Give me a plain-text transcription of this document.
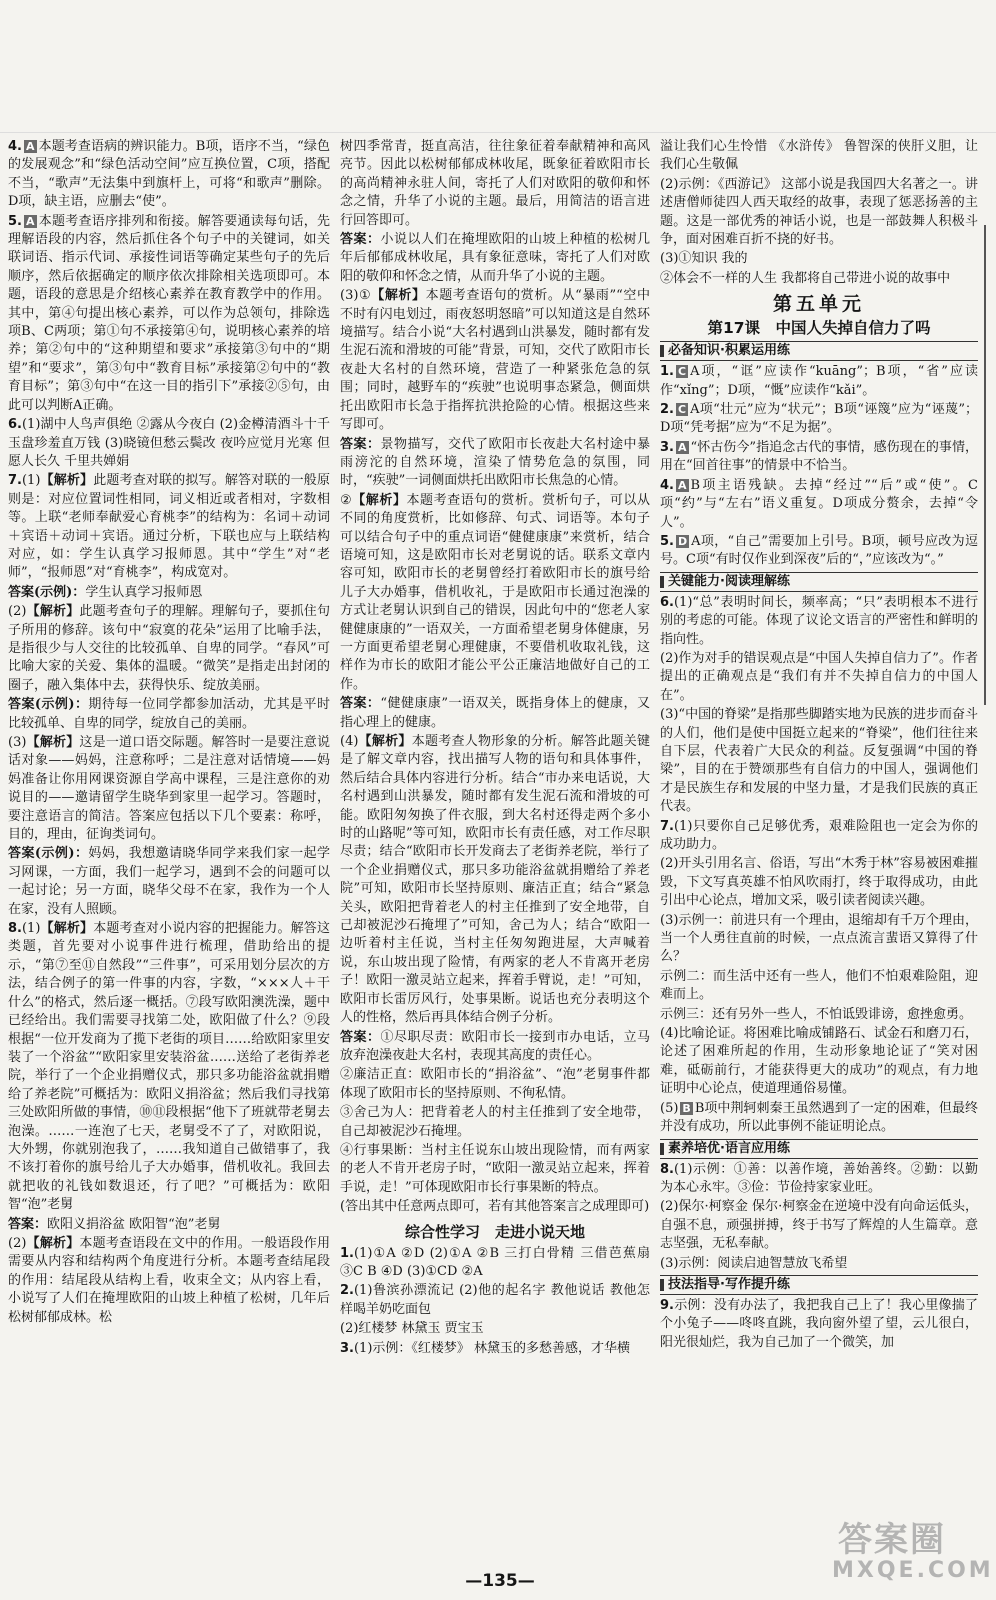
4. A 本题考查语病的辨识能力。B项，语序不当，“绿色的发展观念”和“绿色活动空间”应互换位置，C项，搭配不当，“歌声”无法集中到旗杆上，可将“和歌声”删除。D项，缺主语，应删去“使”。
5. A 本题考查语序排列和衔接。解答要通读每句话，先理解语段的内容，然后抓住各个句子中的关键词，如关联词语、指示代词、承接性词语等确定某些句子的先后顺序，然后依据确定的顺序依次排除相关选项即可。本题，语段的意思是介绍核心素养在教育教学中的作用。其中，第④句提出核心素养，可以作为总领句，排除选项B、C两项；第①句不承接第④句，说明核心素养的培养；第②句中的“这种期望和要求”承接第③句中的“期望”和“要求”，第③句中“教育目标”承接第②句中的“教育目标”；第③句中“在这一目的指引下”承接②⑤句，由此可以判断A正确。
6.(1)湖中人鸟声俱绝 ②露从今夜白 (2)金樽清酒斗十千 玉盘珍羞直万钱 (3)晓镜但愁云鬓改 夜吟应觉月光寒 但愿人长久 千里共婵娟
7.(1)【解析】此题考查对联的拟写。解答对联的一般原则是：对应位置词性相同，词义相近或者相对，字数相等。上联“老师奉献爱心育桃李”的结构为：名词＋动词＋宾语＋动词＋宾语。通过分析，下联也应与上联结构对应，如：学生认真学习报师恩。其中“学生”对“老师”，“报师恩”对“育桃李”，构成宽对。
答案(示例)：学生认真学习报师恩
(2)【解析】此题考查句子的理解。理解句子，要抓住句子所用的修辞。该句中“寂寞的花朵”运用了比喻手法，是指很少与人交往的比较孤单、自卑的同学。“春风”可比喻大家的关爱、集体的温暖。“微笑”是指走出封闭的圈子，融入集体中去，获得快乐、绽放美丽。
答案(示例)：期待每一位同学都参加活动，尤其是平时比较孤单、自卑的同学，绽放自己的美丽。
(3)【解析】这是一道口语交际题。解答时一是要注意说话对象——妈妈，注意称呼；二是注意对话情境——妈妈准备让你用网课资源自学高中课程，三是注意你的劝说目的——邀请留学生晓华到家里一起学习。答题时，要注意语言的简洁。答案应包括以下几个要素：称呼，目的，理由，征询类词句。
答案(示例)：妈妈，我想邀请晓华同学来我们家一起学习网课，一方面，我们一起学习，遇到不会的问题可以一起讨论；另一方面，晓华父母不在家，我作为一个人在家，没有人照顾。
8.(1)【解析】本题考查对小说内容的把握能力。解答这类题，首先要对小说事件进行梳理，借助给出的提示，“第⑦至⑪自然段”“三件事”，可采用划分层次的方法，结合例子的第一件事的内容，字数，“×××人＋干什么”的格式，然后逐一概括。⑦段写欧阳澳洗澡，题中已经给出。我们需要寻找第二处，欧阳做了什么？⑨段根据“一位开发商为了揽下老街的项目……给欧阳家里安装了一个浴盆”“欧阳家里安装浴盆……送给了老街养老院，举行了一个企业捐赠仪式，那只多功能浴盆就捐赠给了养老院”可概括为：欧阳义捐浴盆；然后我们寻找第三处欧阳所做的事情，⑩⑪段根据“他下了班就带老舅去泡澡。……一连泡了七天，老舅受不了了，对欧阳说，大外甥，你就别泡我了，……我知道自己做错事了，我不该打着你的旗号给儿子大办婚事，借机收礼。我回去就把收的礼钱如数退还，行了吧？”可概括为：欧阳智“泡”老舅
答案：欧阳义捐浴盆 欧阳智“泡”老舅
(2)【解析】本题考查语段在文中的作用。一般语段作用需要从内容和结构两个角度进行分析。本题考查结尾段的作用：结尾段从结构上看，收束全文；从内容上看，小说写了人们在掩埋欧阳的山坡上种植了松树，几年后松树郁郁成林。松
树四季常青，挺直高洁，往往象征着奉献精神和高风亮节。因此以松树郁郁成林收尾，既象征着欧阳市长的高尚精神永驻人间，寄托了人们对欧阳的敬仰和怀念之情，升华了小说的主题。最后，用简洁的语言进行回答即可。
答案：小说以人们在掩埋欧阳的山坡上种植的松树几年后郁郁成林收尾，具有象征意味，寄托了人们对欧阳的敬仰和怀念之情，从而升华了小说的主题。
(3)①【解析】本题考查语句的赏析。从“暴雨”“空中不时有闪电划过，雨夜怒明怒暗”可以知道这是自然环境描写。结合小说“大名村遇到山洪暴发，随时都有发生泥石流和滑坡的可能”背景，可知，交代了欧阳市长夜赴大名村的自然环境，营造了一种紧张危急的氛围；同时，越野车的“疾驶”也说明事态紧急，侧面烘托出欧阳市长急于指挥抗洪抢险的心情。根据这些来写即可。
答案：景物描写，交代了欧阳市长夜赴大名村途中暴雨滂沱的自然环境，渲染了情势危急的氛围，同时，“疾驶”一词侧面烘托出欧阳市长焦急的心情。
②【解析】本题考查语句的赏析。赏析句子，可以从不同的角度赏析，比如修辞、句式、词语等。本句子可以结合句子中的重点词语“健健康康”来赏析，结合语境可知，这是欧阳市长对老舅说的话。联系文章内容可知，欧阳市长的老舅曾经打着欧阳市长的旗号给儿子大办婚事，借机收礼，于是欧阳市长通过泡澡的方式让老舅认识到自己的错误，因此句中的“您老人家健健康康的”一语双关，一方面希望老舅身体健康，另一方面更希望老舅心理健康，不要借机收取礼钱，这样作为市长的欧阳才能公平公正廉洁地做好自己的工作。
答案：“健健康康”一语双关，既指身体上的健康，又指心理上的健康。
(4)【解析】本题考查人物形象的分析。解答此题关键是了解文章内容，找出描写人物的语句和具体事件，然后结合具体内容进行分析。结合“市办来电话说，大名村遇到山洪暴发，随时都有发生泥石流和滑坡的可能。欧阳匆匆换了件衣服，到大名村还得走两个多小时的山路呢”等可知，欧阳市长有责任感，对工作尽职尽责；结合“欧阳市长开发商去了老街养老院，举行了一个企业捐赠仪式，那只多功能浴盆就捐赠给了养老院”可知，欧阳市长坚持原则、廉洁正直；结合“紧急关头，欧阳把背着老人的村主任推到了安全地带，自己却被泥沙石掩埋了”可知，舍己为人；结合“欧阳一边听着村主任说，当村主任匆匆跑进屋，大声喊着说，东山坡出现了险情，有两家的老人不肯离开老房子！欧阳一激灵站立起来，挥着手臂说，走！”可知，欧阳市长雷厉风行，处事果断。说话也充分表明这个人的性格，然后再具体结合例子分析。
答案：①尽职尽责：欧阳市长一接到市办电话，立马放弃泡澡夜赴大名村，表现其高度的责任心。
②廉洁正直：欧阳市长的“捐浴盆”、“泡”老舅事件都体现了欧阳市长的坚持原则、不徇私情。
③舍己为人：把背着老人的村主任推到了安全地带，自己却被泥沙石掩埋。
④行事果断：当村主任说东山坡出现险情，而有两家的老人不肯开老房子时，“欧阳一激灵站立起来，挥着手说，走！”可体现欧阳市长行事果断的特点。
(答出其中任意两点即可，若有其他答案言之成理即可)
综合性学习　走进小说天地
1.(1)①A ②D (2)①A ②B 三打白骨精 三借芭蕉扇 ③C B ④D (3)①CD ②A
2.(1)鲁滨孙漂流记 (2)他的起名字 教他说话 教他怎样喝羊奶吃面包
(2)红楼梦 林黛玉 贾宝玉
3.(1)示例：《红楼梦》 林黛玉的多愁善感，才华横
溢让我们心生怜惜 《水浒传》 鲁智深的侠肝义胆，让我们心生敬佩
(2)示例：《西游记》 这部小说是我国四大名著之一。讲述唐僧师徒四人西天取经的故事，表现了惩恶扬善的主题。这是一部优秀的神话小说，也是一部鼓舞人积极斗争，面对困难百折不挠的好书。
(3)①知识 我的
②体会不一样的人生 我都将自己带进小说的故事中
第五单元
第17课　中国人失掉自信力了吗
必备知识·积累运用练
1. C A项，“诓”应读作“kuāng”；B项，“省”应读作“xǐng”；D项，“慨”应读作“kǎi”。
2. C A项“壮元”应为“状元”；B项“诬篾”应为“诬蔑”；D项“凭考据”应为“不足为据”。
3. A “怀古伤今”指追念古代的事情，感伤现在的事情，用在“回首往事”的情景中不恰当。
4. A B项主语残缺。去掉“经过”“后”或“使”。C项“约”与“左右”语义重复。D项成分赘余，去掉“令人”。
5. D A项，“自己”需要加上引号。B项，顿号应改为逗号。C项“有时仅作业到深夜”后的“，”应该改为“。”
关键能力·阅读理解练
6.(1)“总”表明时间长，频率高；“只”表明根本不进行别的考虑的可能。体现了议论文语言的严密性和鲜明的指向性。
(2)作为对手的错误观点是“中国人失掉自信力了”。作者提出的正确观点是“我们有并不失掉自信力的中国人在”。
(3)“中国的脊梁”是指那些脚踏实地为民族的进步而奋斗的人们，他们是使中国挺立起来的“脊梁”，他们往往来自下层，代表着广大民众的利益。反复强调“中国的脊梁”，目的在于赞颂那些有自信力的中国人，强调他们才是民族生存和发展的中坚力量，才是我们民族的真正代表。
7.(1)只要你自己足够优秀，艰难险阻也一定会为你的成功助力。
(2)开头引用名言、俗语，写出“木秀于林”容易被困难摧毁，下文写真英雄不怕风吹雨打，终于取得成功，由此引出中心论点，增加文采，吸引读者阅读兴趣。
(3)示例一：前进只有一个理由，退缩却有千万个理由，当一个人勇往直前的时候，一点点流言蜚语又算得了什么？
示例二：而生活中还有一些人，他们不怕艰难险阻，迎难而上。
示例三：还有另外一些人，不怕诋毁诽谤，愈挫愈勇。
(4)比喻论证。将困难比喻成铺路石、试金石和磨刀石，论述了困难所起的作用，生动形象地论证了“笑对困难，砥砺前行，才能获得更大的成功”的观点，有力地证明中心论点，使道理通俗易懂。
(5) B B项中荆轲刺秦王虽然遇到了一定的困难，但最终并没有成功，所以此事例不能证明论点。
素养培优·语言应用练
8.(1)示例：①善：以善作境，善始善终。②勤：以勤为本心永牢。③俭：节俭持家家业旺。
(2)保尔·柯察金 保尔·柯察金在逆境中没有向命运低头，自强不息，顽强拼搏，终于书写了辉煌的人生篇章。意志坚强，无私奉献。
(3)示例：阅读启迪智慧放飞希望
技法指导·写作提升练
9.示例：没有办法了，我把我自己上了！我心里像揣了个小兔子——咚咚直跳，我向窗外望了望，云儿很白，阳光很灿烂，我为自己加了一个微笑，加
—135—
答案圈
MXQE.COM
